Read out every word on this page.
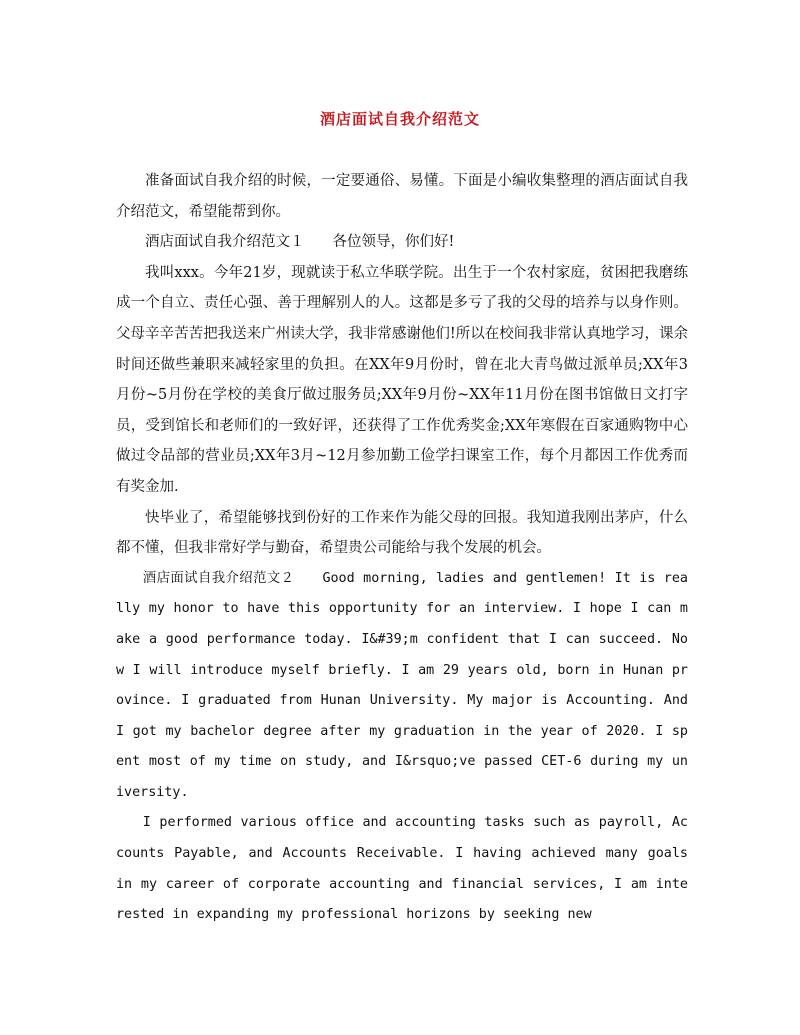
酒店面试自我介绍范文

准备面试自我介绍的时候，一定要通俗、易懂。下面是小编收集整理的酒店面试自我介绍范文，希望能帮到你。

酒店面试自我介绍范文１ 各位领导，你们好!

我叫xxx。今年21岁，现就读于私立华联学院。出生于一个农村家庭，贫困把我磨练成一个自立、责任心强、善于理解别人的人。这都是多亏了我的父母的培养与以身作则。父母辛辛苦苦把我送来广州读大学，我非常感谢他们!所以在校间我非常认真地学习，课余时间还做些兼职来减轻家里的负担。在XX年9月份时，曾在北大青鸟做过派单员;XX年3月份~5月份在学校的美食厅做过服务员;XX年9月份~XX年11月份在图书馆做日文打字员，受到馆长和老师们的一致好评，还获得了工作优秀奖金;XX年寒假在百家通购物中心做过令品部的营业员;XX年3月~12月参加勤工俭学扫课室工作，每个月都因工作优秀而有奖金加.

快毕业了，希望能够找到份好的工作来作为能父母的回报。我知道我刚出茅庐，什么都不懂，但我非常好学与勤奋，希望贵公司能给与我个发展的机会。

酒店面试自我介绍范文２ Good morning, ladies and gentlemen! It is really my honor to have this opportunity for an interview. I hope I can make a good performance today. I&#39;m confident that I can succeed. Now I will introduce myself briefly. I am 29 years old, born in Hunan province. I graduated from Hunan University. My major is Accounting. And I got my bachelor degree after my graduation in the year of 2020. I spent most of my time on study, and I&rsquo;ve passed CET-6 during my university.

I performed various office and accounting tasks such as payroll, Accounts Payable, and Accounts Receivable. I having achieved many goals in my career of corporate accounting and financial services, I am interested in expanding my professional horizons by seeking new
